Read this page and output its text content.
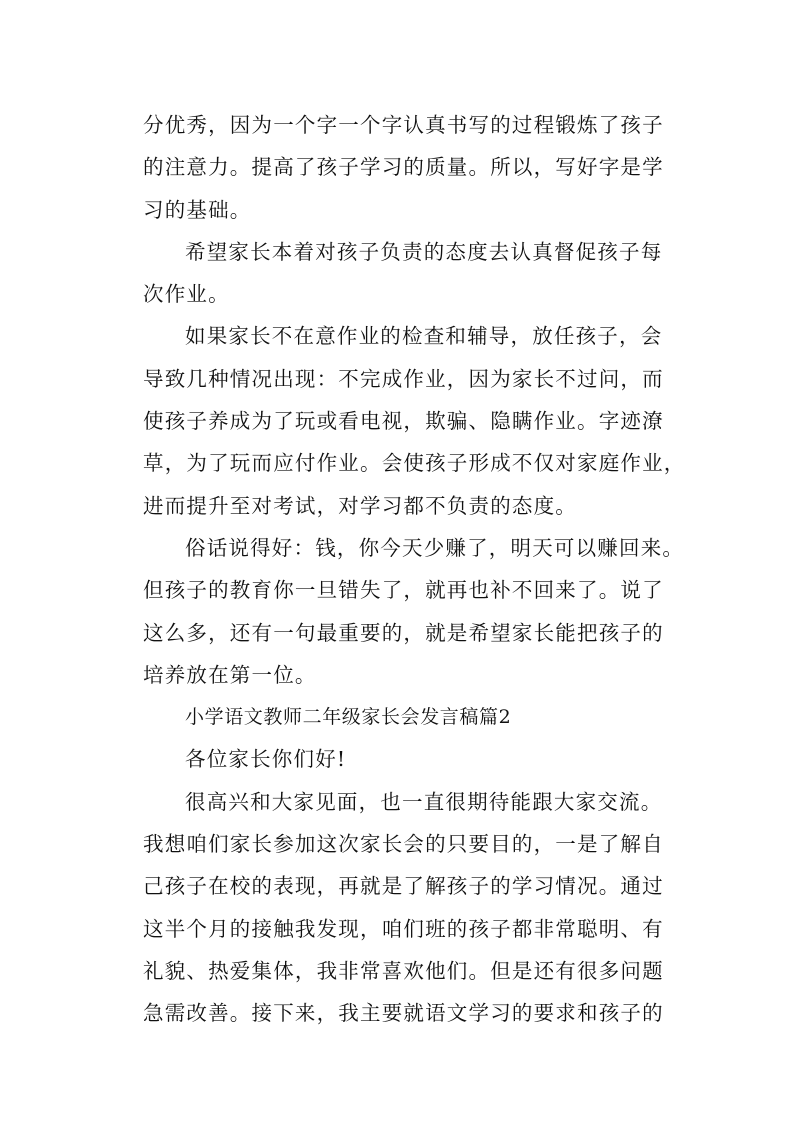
分优秀，因为一个字一个字认真书写的过程锻炼了孩子
的注意力。提高了孩子学习的质量。所以，写好字是学
习的基础。
希望家长本着对孩子负责的态度去认真督促孩子每
次作业。
如果家长不在意作业的检查和辅导，放任孩子，会
导致几种情况出现：不完成作业，因为家长不过问，而
使孩子养成为了玩或看电视，欺骗、隐瞒作业。字迹潦
草，为了玩而应付作业。会使孩子形成不仅对家庭作业，
进而提升至对考试，对学习都不负责的态度。
俗话说得好：钱，你今天少赚了，明天可以赚回来。
但孩子的教育你一旦错失了，就再也补不回来了。说了
这么多，还有一句最重要的，就是希望家长能把孩子的
培养放在第一位。
小学语文教师二年级家长会发言稿篇2
各位家长你们好!
很高兴和大家见面，也一直很期待能跟大家交流。
我想咱们家长参加这次家长会的只要目的，一是了解自
己孩子在校的表现，再就是了解孩子的学习情况。通过
这半个月的接触我发现，咱们班的孩子都非常聪明、有
礼貌、热爱集体，我非常喜欢他们。但是还有很多问题
急需改善。接下来，我主要就语文学习的要求和孩子的
